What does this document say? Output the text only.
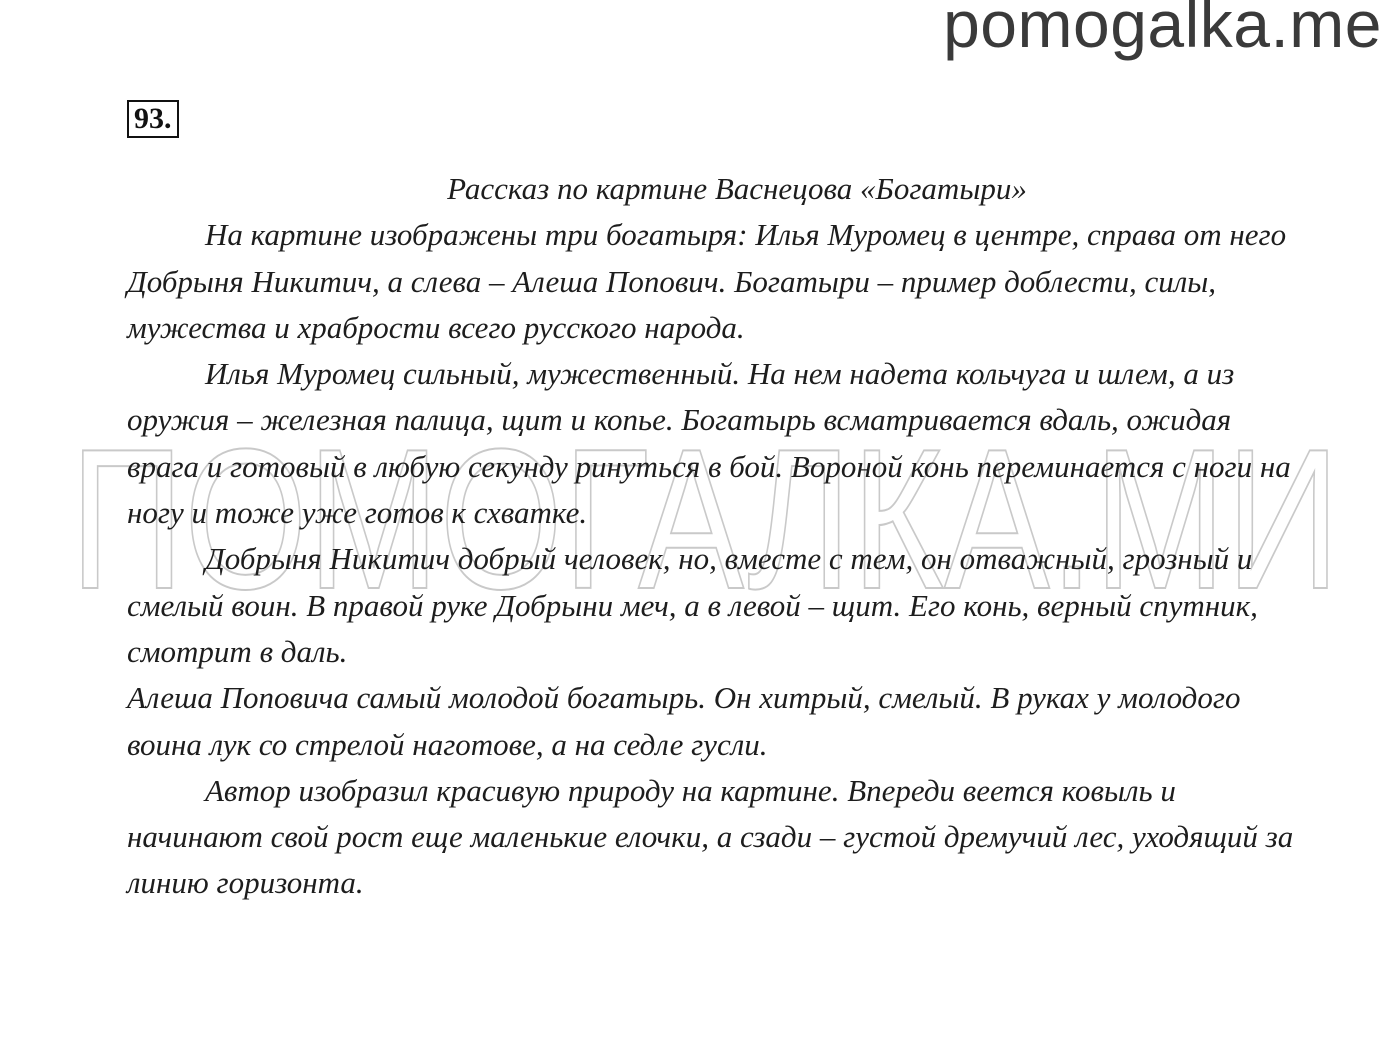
pomogalka.me
ПОМОГАЛКА.МИ
93.
Рассказ по картине Васнецова «Богатыри»

На картине изображены три богатыря: Илья Муромец в центре, справа от него Добрыня Никитич, а слева – Алеша Попович. Богатыри – пример доблести, силы, мужества и храбрости всего русского народа.

Илья Муромец сильный, мужественный. На нем надета кольчуга и шлем, а из оружия – железная палица, щит и копье. Богатырь всматривается вдаль, ожидая врага и готовый в любую секунду ринуться в бой. Вороной конь переминается с ноги на ногу и тоже уже готов к схватке.

Добрыня Никитич добрый человек, но, вместе с тем, он отважный, грозный и смелый воин. В правой руке Добрыни меч, а в левой – щит. Его конь, верный спутник, смотрит в даль.

Алеша Поповича самый молодой богатырь. Он хитрый, смелый. В руках у молодого воина лук со стрелой наготове, а на седле гусли.

Автор изобразил красивую природу на картине. Впереди веется ковыль и начинают свой рост еще маленькие елочки, а сзади – густой дремучий лес, уходящий за линию горизонта.
